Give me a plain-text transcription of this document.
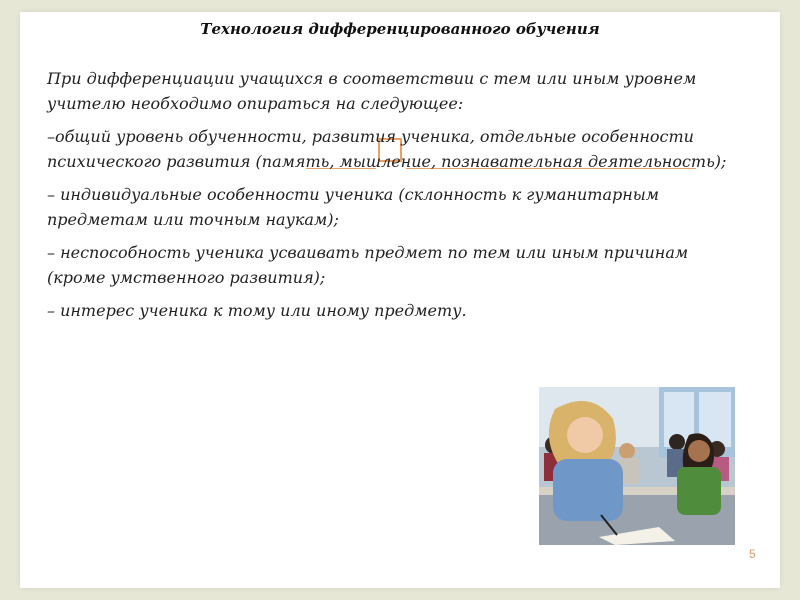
Технология дифференцированного обучения

При дифференциации учащихся в соответствии с тем или иным уровнем учителю необходимо опираться на следующее:

–общий уровень обученности, развития ученика, отдельные особенности психического развития (память, мышление, познавательная деятельность);

– индивидуальные особенности ученика (склонность к гуманитарным предметам или точным наукам);

– неспособность ученика усваивать предмет по тем или иным причинам (кроме умственного развития);

– интерес ученика к тому или иному предмету.

5
